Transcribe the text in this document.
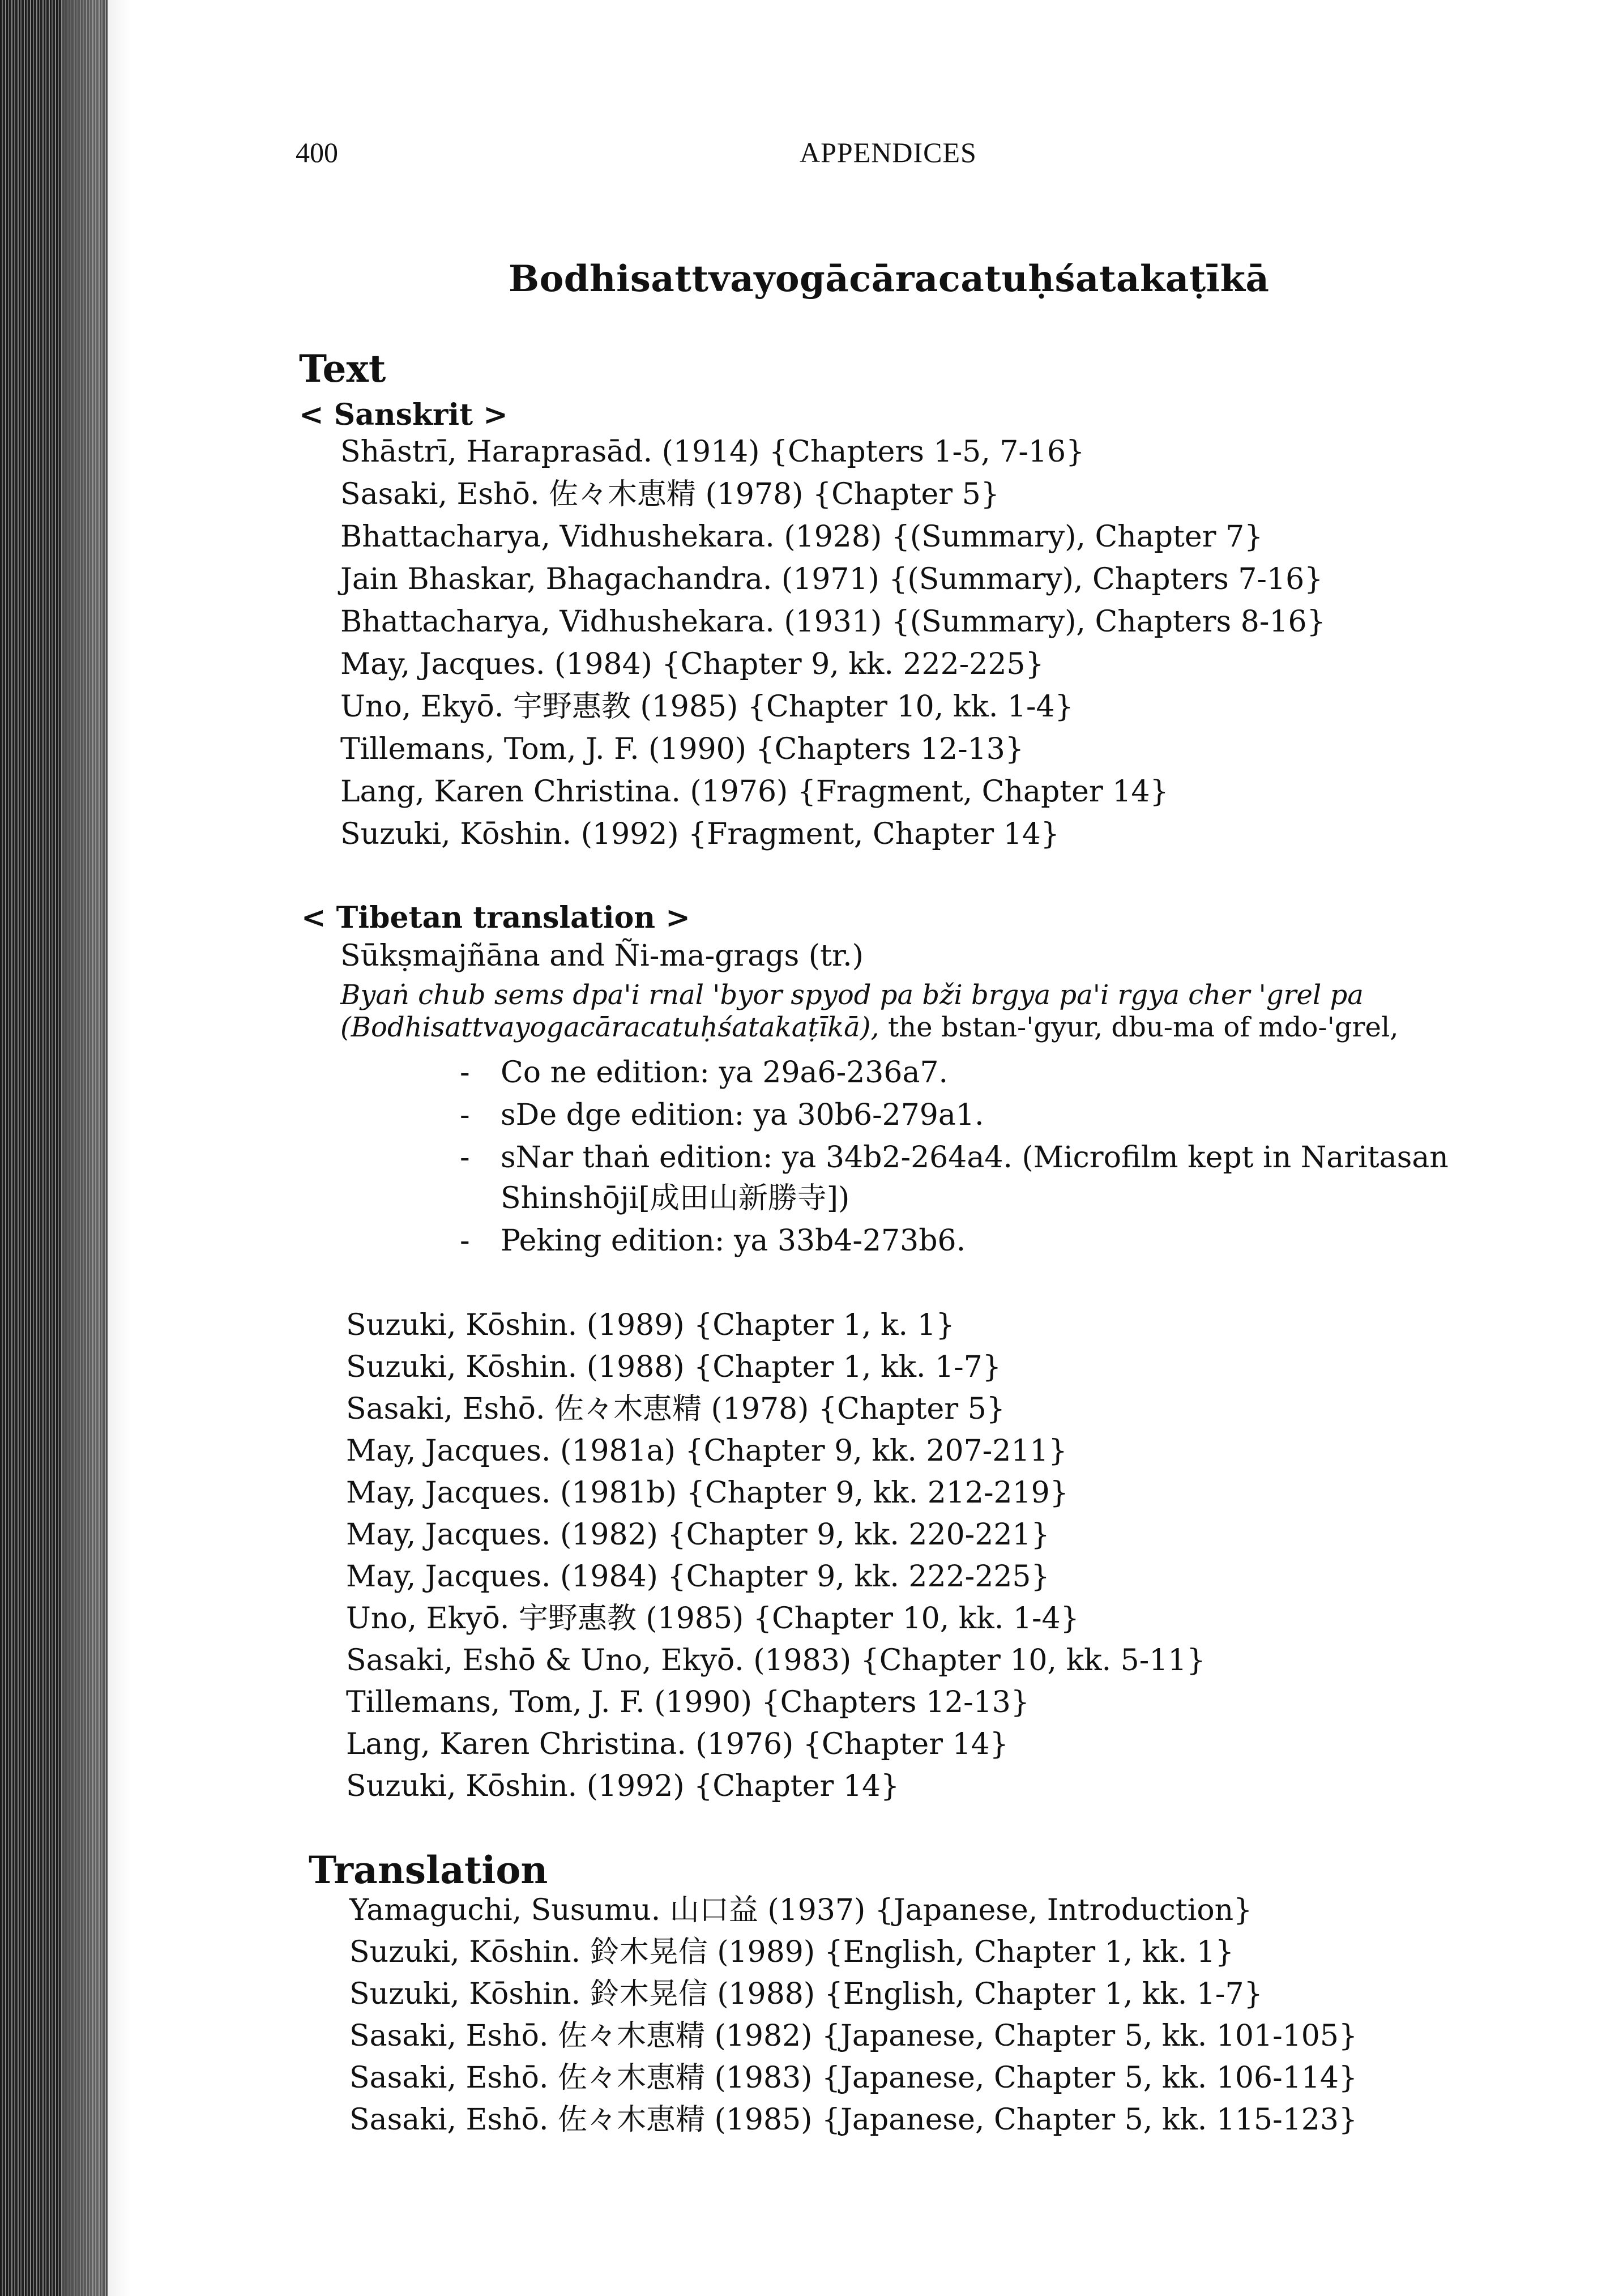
400	APPENDICES
Bodhisattvayogācāracatuḥśatakaṭīkā
Text
< Sanskrit >
Shāstrī, Haraprasād. (1914) {Chapters 1-5, 7-16}
Sasaki, Eshō. 佐々木恵精 (1978) {Chapter 5}
Bhattacharya, Vidhushekara. (1928) {(Summary), Chapter 7}
Jain Bhaskar, Bhagachandra. (1971) {(Summary), Chapters 7-16}
Bhattacharya, Vidhushekara. (1931) {(Summary), Chapters 8-16}
May, Jacques. (1984) {Chapter 9, kk. 222-225}
Uno, Ekyō. 宇野惠教 (1985) {Chapter 10, kk. 1-4}
Tillemans, Tom, J. F. (1990) {Chapters 12-13}
Lang, Karen Christina. (1976) {Fragment, Chapter 14}
Suzuki, Kōshin. (1992) {Fragment, Chapter 14}
< Tibetan translation >
Sūkṣmajñāna and Ñi-ma-grags (tr.)
Byaṅ chub sems dpa'i rnal 'byor spyod pa bži brgya pa'i rgya cher 'grel pa
(Bodhisattvayogacāracatuḥśatakaṭīkā), the bstan-'gyur, dbu-ma of mdo-'grel,
- Co ne edition: ya 29a6-236a7.
- sDe dge edition: ya 30b6-279a1.
- sNar thaṅ edition: ya 34b2-264a4. (Microfilm kept in Naritasan
Shinshōji[成田山新勝寺])
- Peking edition: ya 33b4-273b6.
Suzuki, Kōshin. (1989) {Chapter 1, k. 1}
Suzuki, Kōshin. (1988) {Chapter 1, kk. 1-7}
Sasaki, Eshō. 佐々木恵精 (1978) {Chapter 5}
May, Jacques. (1981a) {Chapter 9, kk. 207-211}
May, Jacques. (1981b) {Chapter 9, kk. 212-219}
May, Jacques. (1982) {Chapter 9, kk. 220-221}
May, Jacques. (1984) {Chapter 9, kk. 222-225}
Uno, Ekyō. 宇野惠教 (1985) {Chapter 10, kk. 1-4}
Sasaki, Eshō & Uno, Ekyō. (1983) {Chapter 10, kk. 5-11}
Tillemans, Tom, J. F. (1990) {Chapters 12-13}
Lang, Karen Christina. (1976) {Chapter 14}
Suzuki, Kōshin. (1992) {Chapter 14}
Translation
Yamaguchi, Susumu. 山口益 (1937) {Japanese, Introduction}
Suzuki, Kōshin. 鈴木晃信 (1989) {English, Chapter 1, kk. 1}
Suzuki, Kōshin. 鈴木晃信 (1988) {English, Chapter 1, kk. 1-7}
Sasaki, Eshō. 佐々木恵精 (1982) {Japanese, Chapter 5, kk. 101-105}
Sasaki, Eshō. 佐々木恵精 (1983) {Japanese, Chapter 5, kk. 106-114}
Sasaki, Eshō. 佐々木恵精 (1985) {Japanese, Chapter 5, kk. 115-123}
